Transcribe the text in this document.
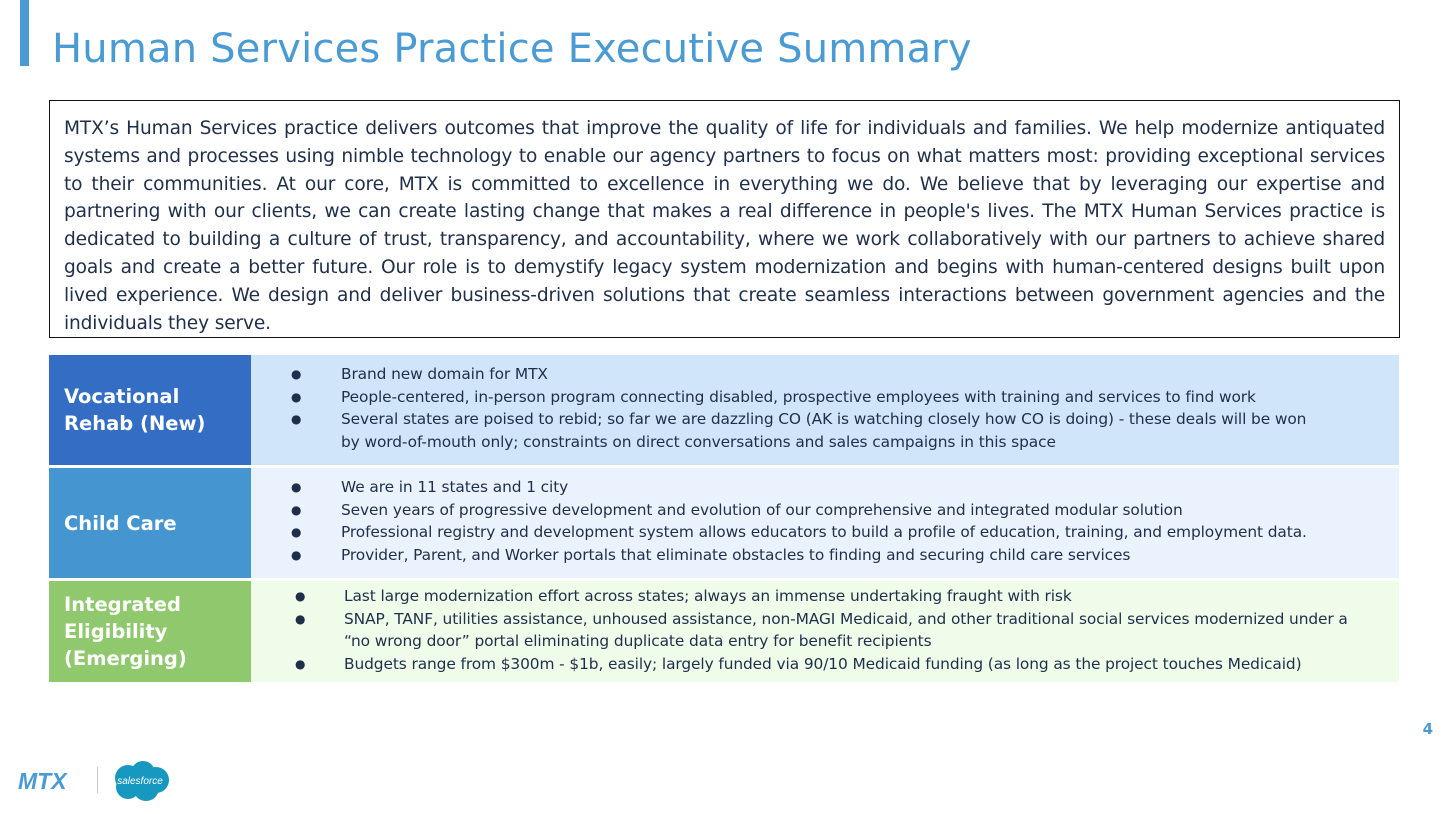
Human Services Practice Executive Summary
MTX’s Human Services practice delivers outcomes that improve the quality of life for individuals and families. We help modernize antiquated systems and processes using nimble technology to enable our agency partners to focus on what matters most: providing exceptional services to their communities. At our core, MTX is committed to excellence in everything we do. We believe that by leveraging our expertise and partnering with our clients, we can create lasting change that makes a real difference in people's lives. The MTX Human Services practice is dedicated to building a culture of trust, transparency, and accountability, where we work collaboratively with our partners to achieve shared goals and create a better future. Our role is to demystify legacy system modernization and begins with human-centered designs built upon lived experience. We design and deliver business-driven solutions that create seamless interactions between government agencies and the individuals they serve.
Vocational
Rehab (New)
●	Brand new domain for MTX
●	People-centered, in-person program connecting disabled, prospective employees with training and services to find work
●	Several states are poised to rebid; so far we are dazzling CO (AK is watching closely how CO is doing) - these deals will be won by word-of-mouth only; constraints on direct conversations and sales campaigns in this space
Child Care
●	We are in 11 states and 1 city
●	Seven years of progressive development and evolution of our comprehensive and integrated modular solution
●	Professional registry and development system allows educators to build a profile of education, training, and employment data.
●	Provider, Parent, and Worker portals that eliminate obstacles to finding and securing child care services
Integrated
Eligibility
(Emerging)
●	Last large modernization effort across states; always an immense undertaking fraught with risk
●	SNAP, TANF, utilities assistance, unhoused assistance, non-MAGI Medicaid, and other traditional social services modernized under a “no wrong door” portal eliminating duplicate data entry for benefit recipients
●	Budgets range from $300m - $1b, easily; largely funded via 90/10 Medicaid funding (as long as the project touches Medicaid)
4
MTX	salesforce
